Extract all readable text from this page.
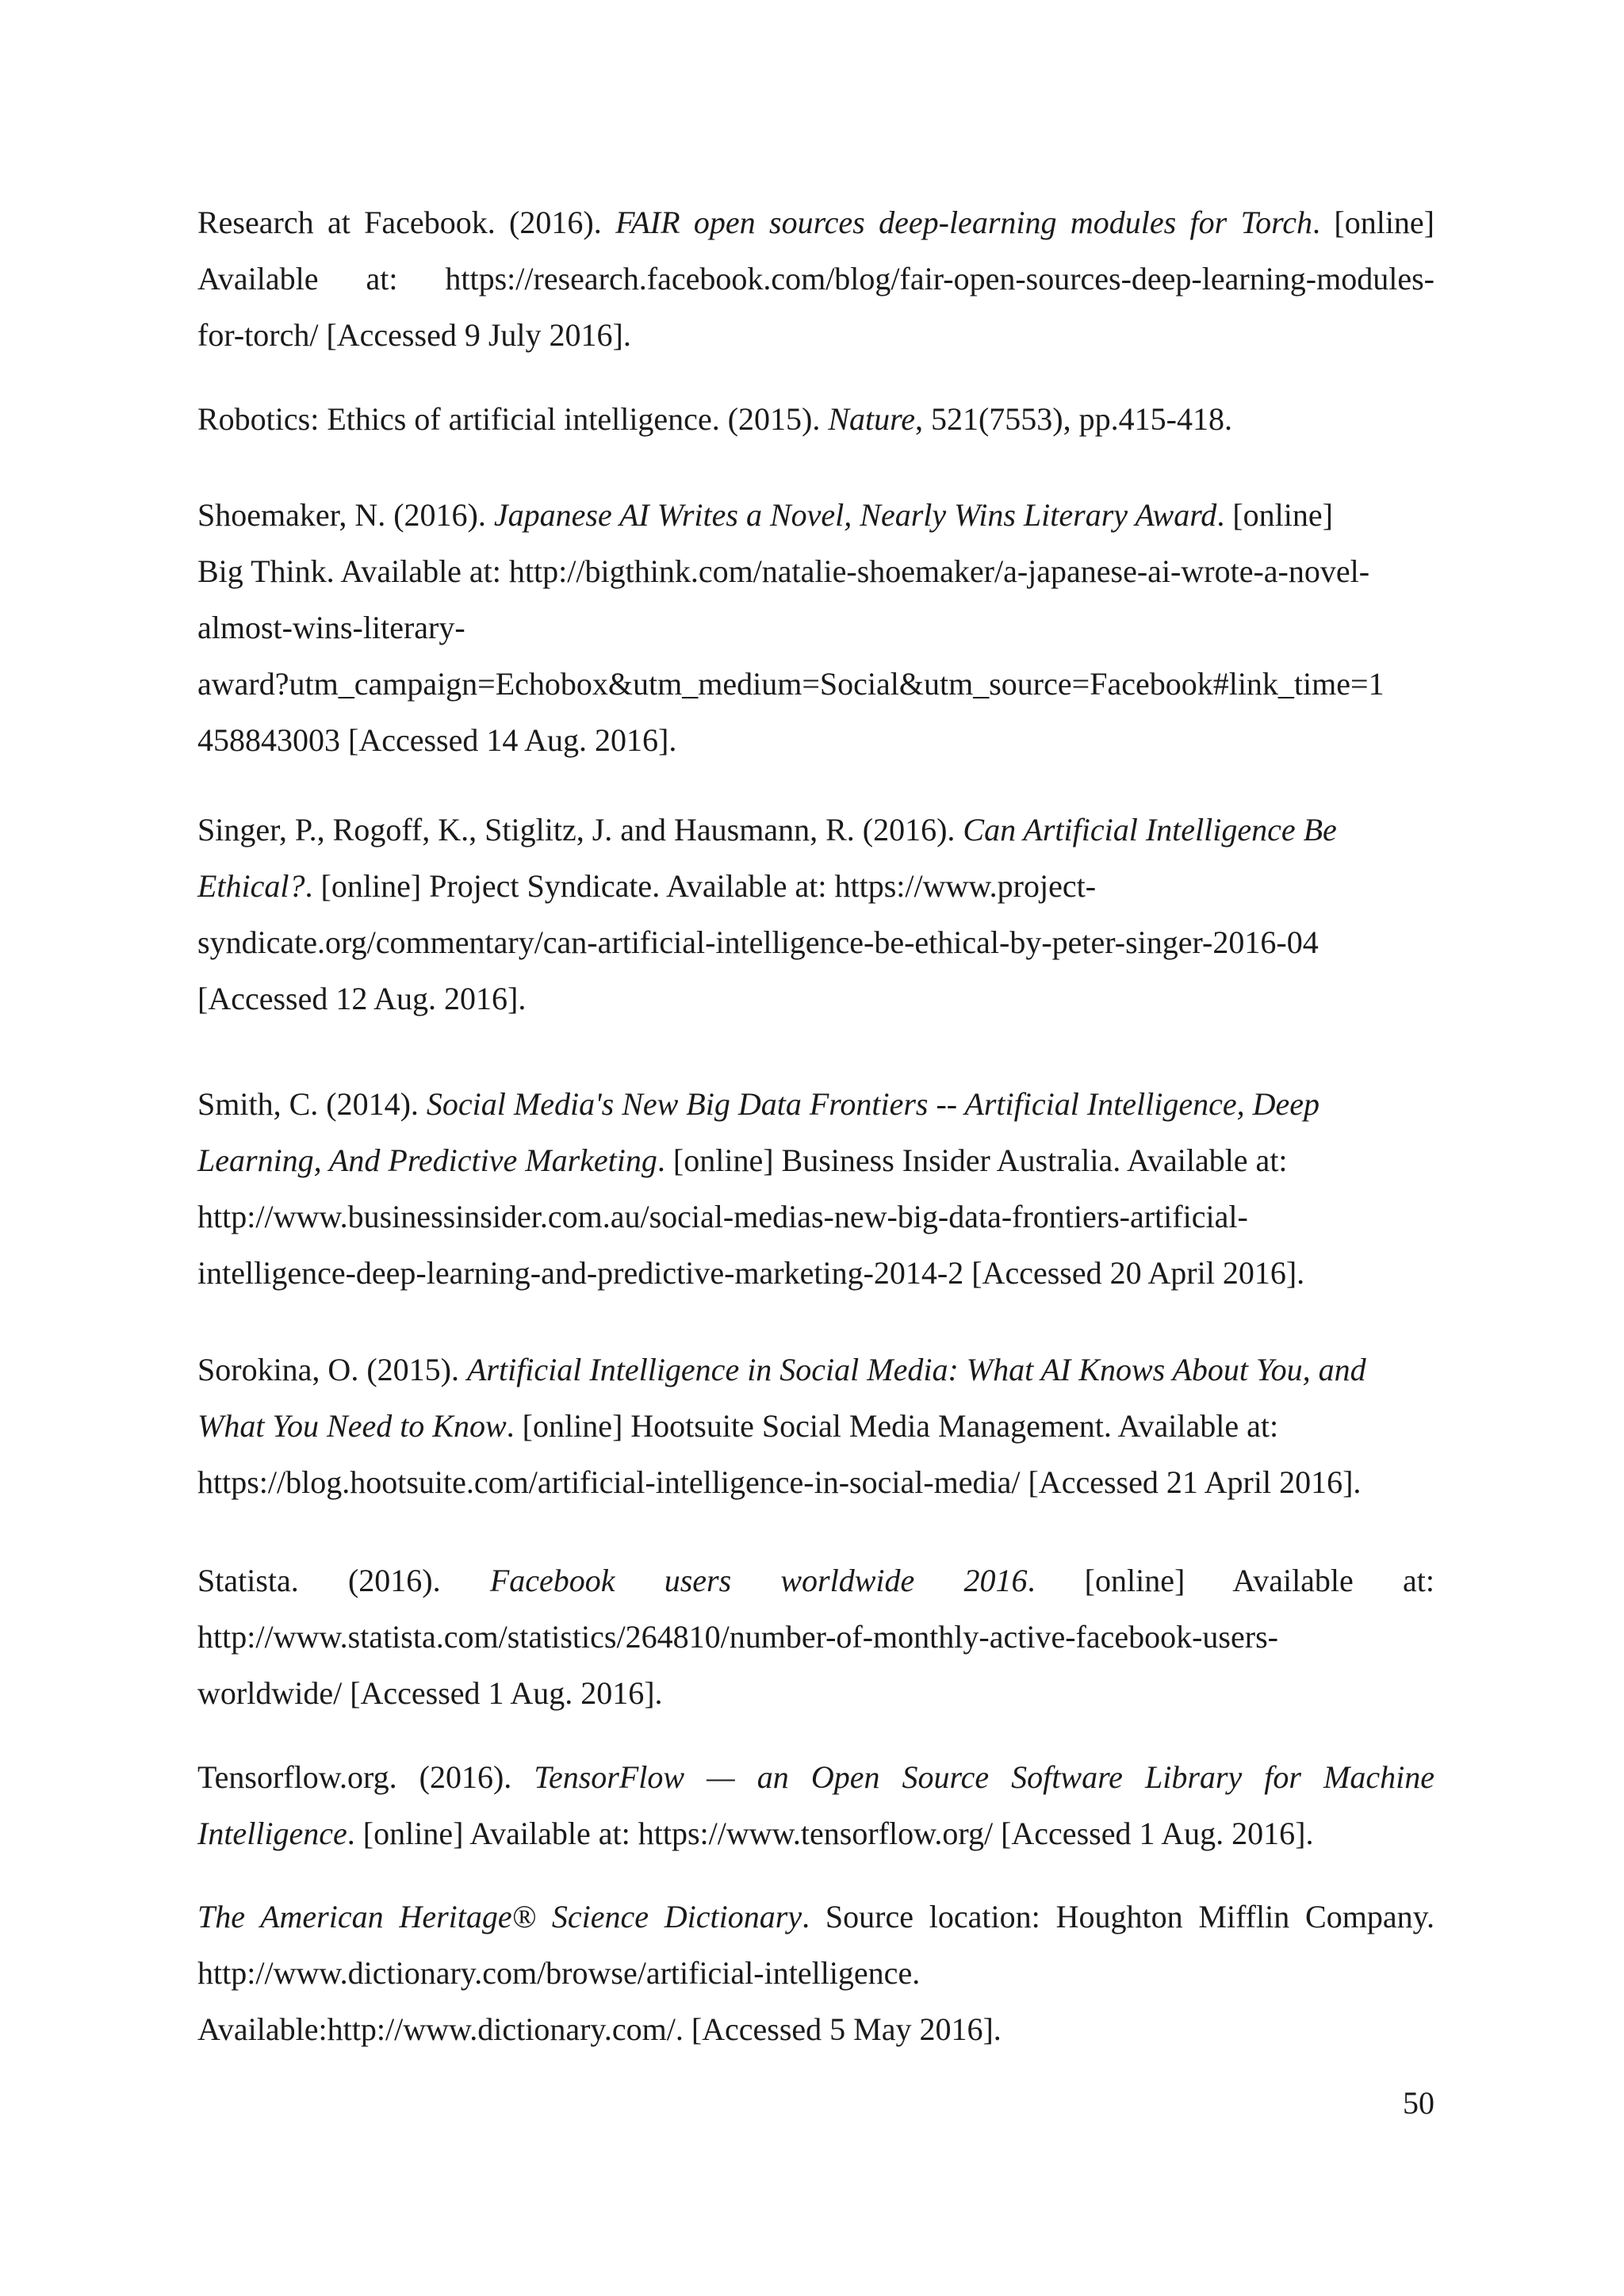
Research at Facebook. (2016). FAIR open sources deep-learning modules for Torch. [online]
Available at: https://research.facebook.com/blog/fair-open-sources-deep-learning-modules-
for-torch/ [Accessed 9 July 2016].

Robotics: Ethics of artificial intelligence. (2015). Nature, 521(7553), pp.415-418.

Shoemaker, N. (2016). Japanese AI Writes a Novel, Nearly Wins Literary Award. [online]
Big Think. Available at: http://bigthink.com/natalie-shoemaker/a-japanese-ai-wrote-a-novel-
almost-wins-literary-
award?utm_campaign=Echobox&utm_medium=Social&utm_source=Facebook#link_time=1
458843003 [Accessed 14 Aug. 2016].

Singer, P., Rogoff, K., Stiglitz, J. and Hausmann, R. (2016). Can Artificial Intelligence Be
Ethical?. [online] Project Syndicate. Available at: https://www.project-
syndicate.org/commentary/can-artificial-intelligence-be-ethical-by-peter-singer-2016-04
[Accessed 12 Aug. 2016].

Smith, C. (2014). Social Media's New Big Data Frontiers -- Artificial Intelligence, Deep
Learning, And Predictive Marketing. [online] Business Insider Australia. Available at:
http://www.businessinsider.com.au/social-medias-new-big-data-frontiers-artificial-
intelligence-deep-learning-and-predictive-marketing-2014-2 [Accessed 20 April 2016].

Sorokina, O. (2015). Artificial Intelligence in Social Media: What AI Knows About You, and
What You Need to Know. [online] Hootsuite Social Media Management. Available at:
https://blog.hootsuite.com/artificial-intelligence-in-social-media/ [Accessed 21 April 2016].

Statista. (2016). Facebook users worldwide 2016. [online] Available at:
http://www.statista.com/statistics/264810/number-of-monthly-active-facebook-users-
worldwide/ [Accessed 1 Aug. 2016].

Tensorflow.org. (2016). TensorFlow — an Open Source Software Library for Machine
Intelligence. [online] Available at: https://www.tensorflow.org/ [Accessed 1 Aug. 2016].

The American Heritage® Science Dictionary. Source location: Houghton Mifflin Company.
http://www.dictionary.com/browse/artificial-intelligence.
Available:http://www.dictionary.com/. [Accessed 5 May 2016].

50
